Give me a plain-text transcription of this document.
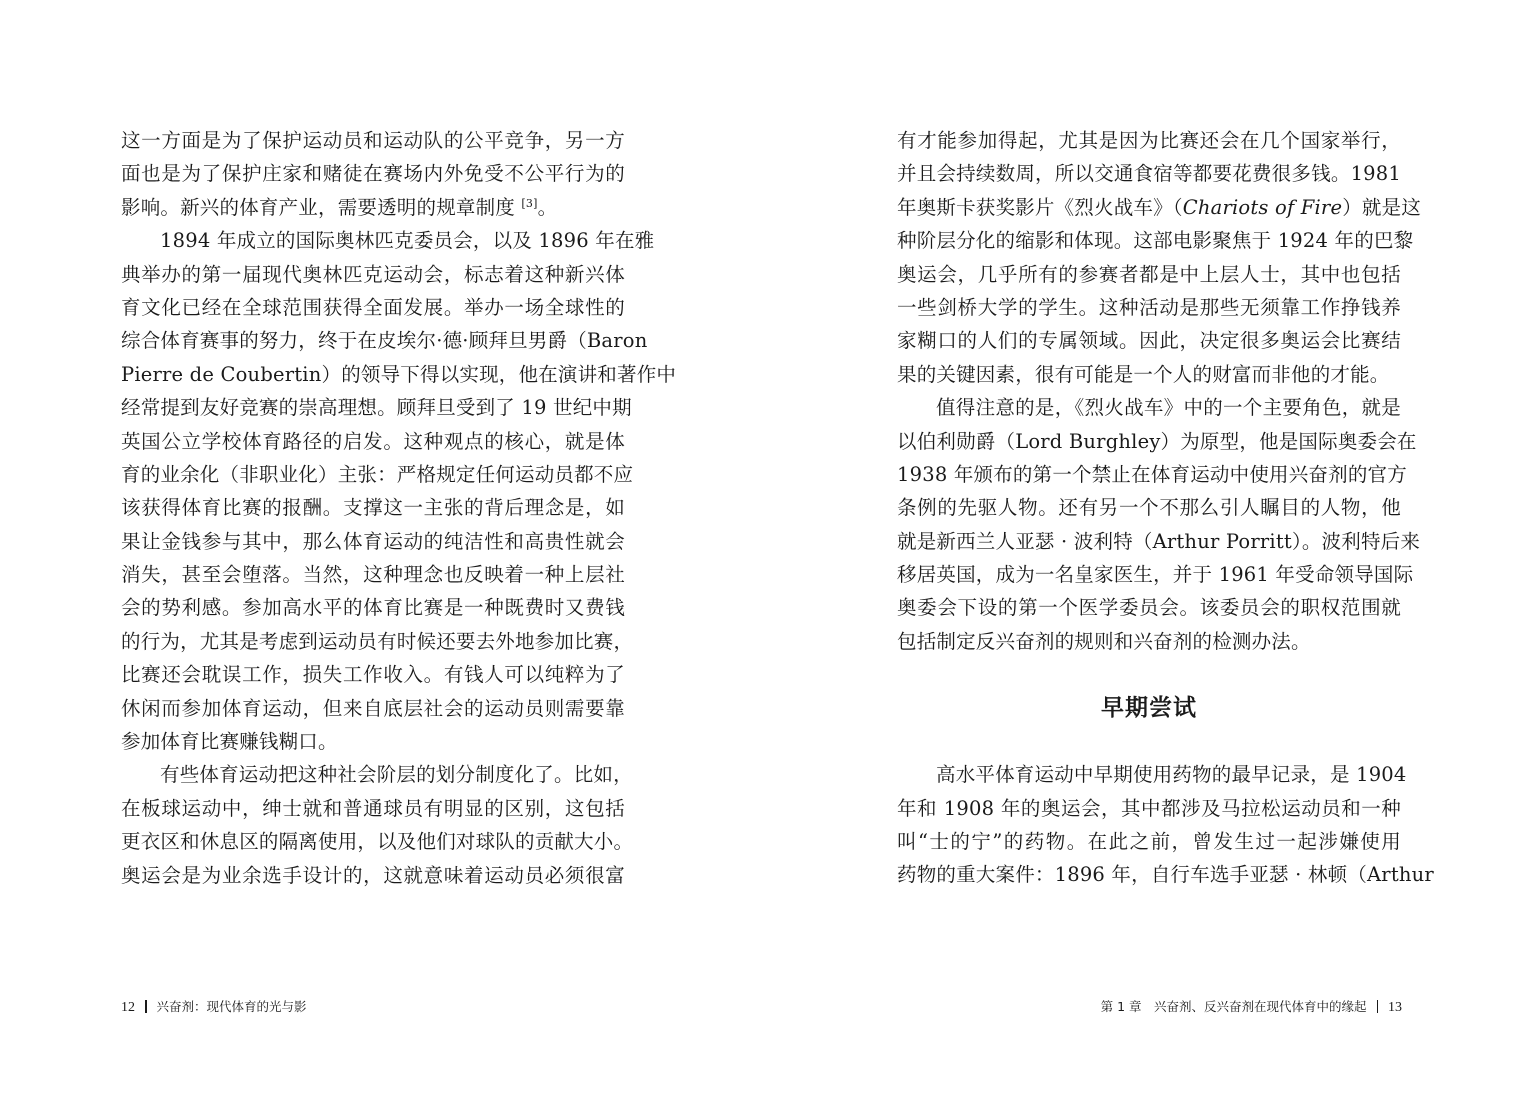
这一方面是为了保护运动员和运动队的公平竞争，另一方
面也是为了保护庄家和赌徒在赛场内外免受不公平行为的
影响。新兴的体育产业，需要透明的规章制度 [3]。
1894 年成立的国际奥林匹克委员会，以及 1896 年在雅
典举办的第一届现代奥林匹克运动会，标志着这种新兴体
育文化已经在全球范围获得全面发展。举办一场全球性的
综合体育赛事的努力，终于在皮埃尔·德·顾拜旦男爵（Baron
Pierre de Coubertin）的领导下得以实现，他在演讲和著作中
经常提到友好竞赛的崇高理想。顾拜旦受到了 19 世纪中期
英国公立学校体育路径的启发。这种观点的核心，就是体
育的业余化（非职业化）主张：严格规定任何运动员都不应
该获得体育比赛的报酬。支撑这一主张的背后理念是，如
果让金钱参与其中，那么体育运动的纯洁性和高贵性就会
消失，甚至会堕落。当然，这种理念也反映着一种上层社
会的势利感。参加高水平的体育比赛是一种既费时又费钱
的行为，尤其是考虑到运动员有时候还要去外地参加比赛，
比赛还会耽误工作，损失工作收入。有钱人可以纯粹为了
休闲而参加体育运动，但来自底层社会的运动员则需要靠
参加体育比赛赚钱糊口。
有些体育运动把这种社会阶层的划分制度化了。比如，
在板球运动中，绅士就和普通球员有明显的区别，这包括
更衣区和休息区的隔离使用，以及他们对球队的贡献大小。
奥运会是为业余选手设计的，这就意味着运动员必须很富
12 兴奋剂：现代体育的光与影
有才能参加得起，尤其是因为比赛还会在几个国家举行，
并且会持续数周，所以交通食宿等都要花费很多钱。1981
年奥斯卡获奖影片《烈火战车》（Chariots of Fire）就是这
种阶层分化的缩影和体现。这部电影聚焦于 1924 年的巴黎
奥运会，几乎所有的参赛者都是中上层人士，其中也包括
一些剑桥大学的学生。这种活动是那些无须靠工作挣钱养
家糊口的人们的专属领域。因此，决定很多奥运会比赛结
果的关键因素，很有可能是一个人的财富而非他的才能。
值得注意的是，《烈火战车》中的一个主要角色，就是
以伯利勋爵（Lord Burghley）为原型，他是国际奥委会在
1938 年颁布的第一个禁止在体育运动中使用兴奋剂的官方
条例的先驱人物。还有另一个不那么引人瞩目的人物，他
就是新西兰人亚瑟 · 波利特（Arthur Porritt）。波利特后来
移居英国，成为一名皇家医生，并于 1961 年受命领导国际
奥委会下设的第一个医学委员会。该委员会的职权范围就
包括制定反兴奋剂的规则和兴奋剂的检测办法。
早期尝试
高水平体育运动中早期使用药物的最早记录，是 1904
年和 1908 年的奥运会，其中都涉及马拉松运动员和一种
叫“士的宁”的药物。在此之前，曾发生过一起涉嫌使用
药物的重大案件：1896 年，自行车选手亚瑟 · 林顿（Arthur
第 1 章　兴奋剂、反兴奋剂在现代体育中的缘起 13
